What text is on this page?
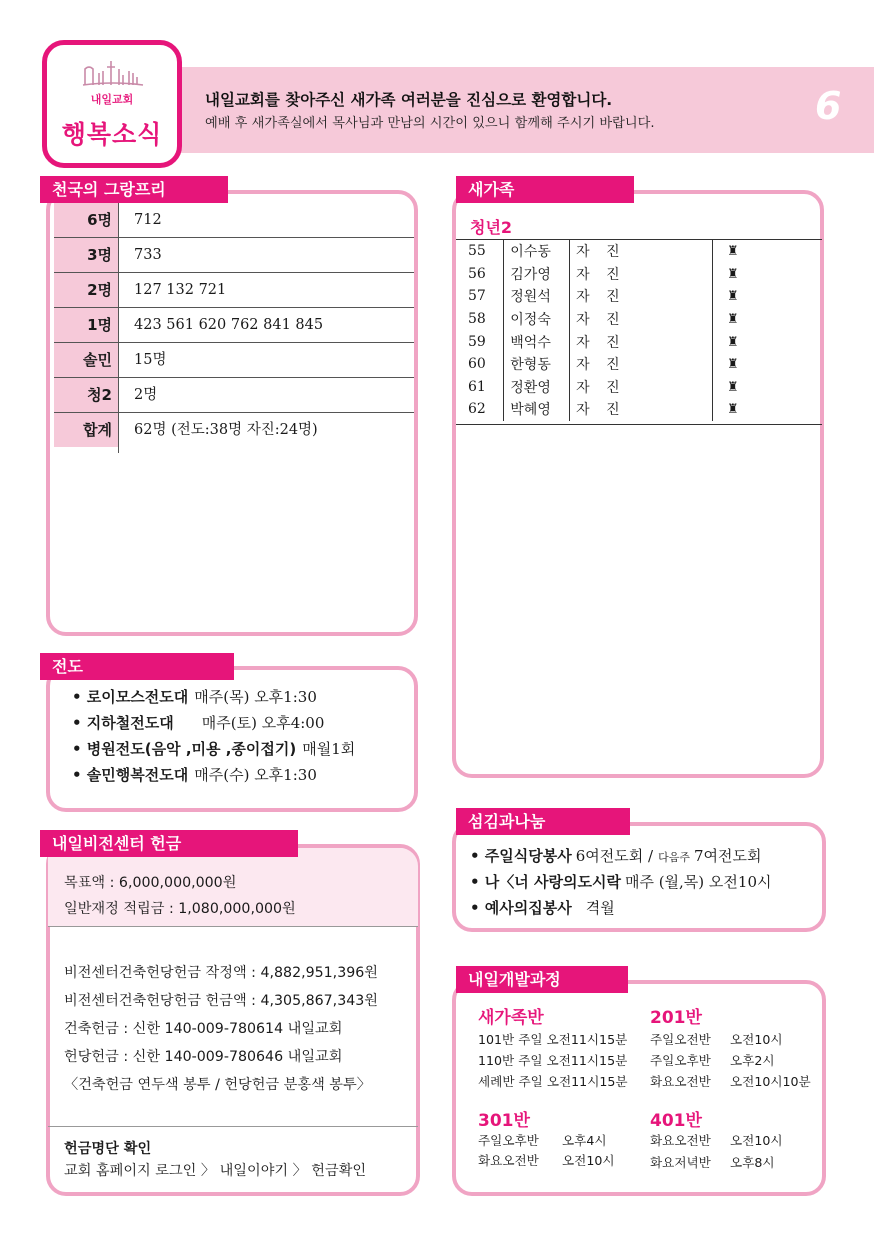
내일교회
행복소식
내일교회를 찾아주신 새가족 여러분을 진심으로 환영합니다.
예배 후 새가족실에서 목사님과 만남의 시간이 있으니 함께해 주시기 바랍니다.	6
천국의 그랑프리
6명	712
3명	733
2명	127 132 721
1명	423 561 620 762 841 845
솔민	15명
청2	2명
합계	62명 (전도:38명 자진:24명)
전도
• 로이모스전도대 매주(목) 오후1:30
• 지하철전도대 매주(토) 오후4:00
• 병원전도(음악 ,미용 ,종이접기) 매월1회
• 솔민행복전도대 매주(수) 오후1:30
내일비전센터 헌금
목표액 : 6,000,000,000원
일반재정 적립금 : 1,080,000,000원
비전센터건축헌당헌금 작정액 : 4,882,951,396원
비전센터건축헌당헌금 헌금액 : 4,305,867,343원
건축헌금 : 신한 140-009-780614 내일교회
헌당헌금 : 신한 140-009-780646 내일교회
〈건축헌금 연두색 봉투 / 헌당헌금 분홍색 봉투〉
헌금명단 확인
교회 홈페이지 로그인 〉 내일이야기 〉 헌금확인
새가족
청년2
55	이수동	자 진	♜
56	김가영	자 진	♜
57	정원석	자 진	♜
58	이정숙	자 진	♜
59	백억수	자 진	♜
60	한형동	자 진	♜
61	정환영	자 진	♜
62	박혜영	자 진	♜
섬김과나눔
• 주일식당봉사 6여전도회 / 다음주 7여전도회
• 나〈너 사랑의도시락 매주 (월,목) 오전10시
• 예사의집봉사 격월
내일개발과정
새가족반
101반 주일 오전11시15분
110반 주일 오전11시15분
세례반 주일 오전11시15분
201반
주일오전반 오전10시
주일오후반 오후2시
화요오전반 오전10시10분
301반
주일오후반 오후4시
화요오전반 오전10시
401반
화요오전반 오전10시
화요저녁반 오후8시
